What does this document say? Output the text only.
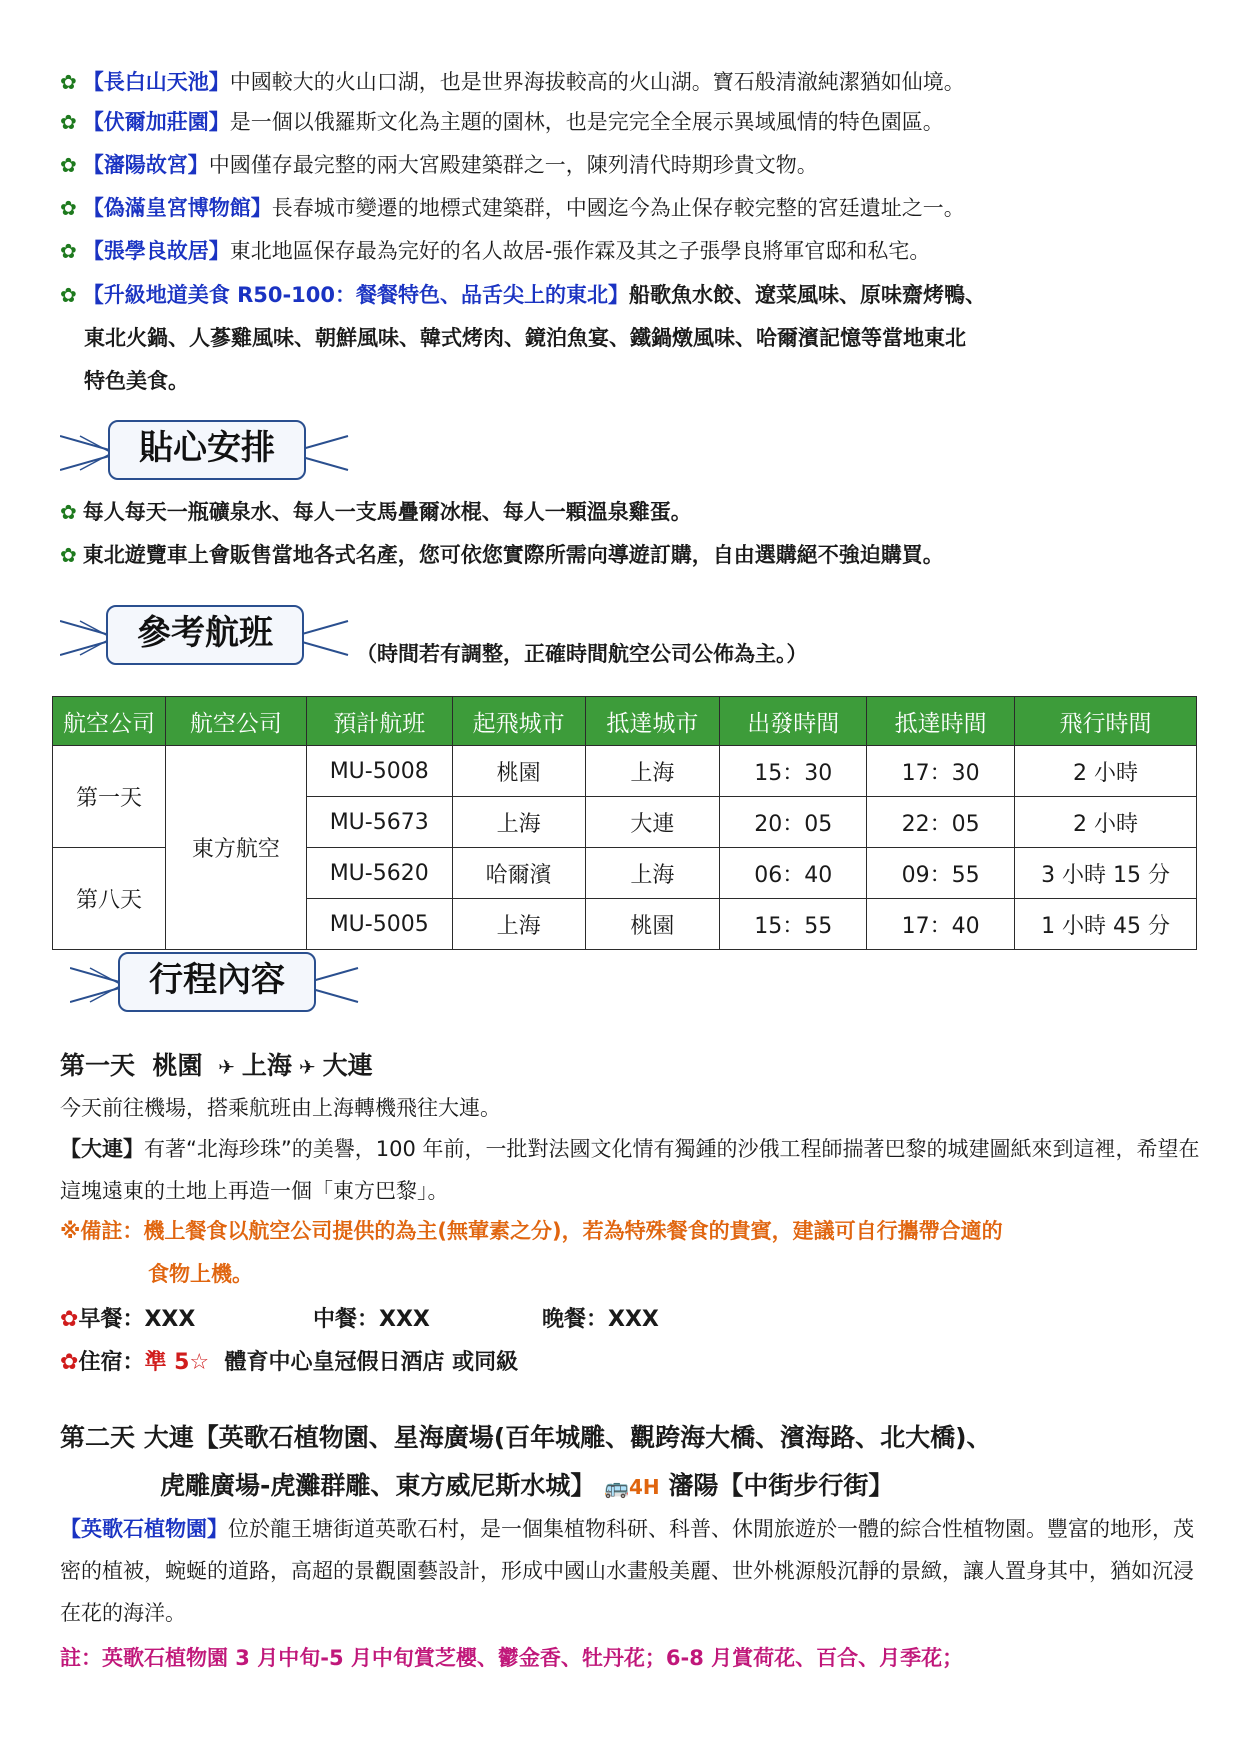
✿ 【長白山天池】中國較大的火山口湖，也是世界海拔較高的火山湖。寶石般清澈純潔猶如仙境。
✿ 【伏爾加莊園】是一個以俄羅斯文化為主題的園林，也是完完全全展示異域風情的特色園區。
✿ 【瀋陽故宮】中國僅存最完整的兩大宮殿建築群之一，陳列清代時期珍貴文物。
✿ 【偽滿皇宮博物館】長春城市變遷的地標式建築群，中國迄今為止保存較完整的宮廷遺址之一。
✿ 【張學良故居】東北地區保存最為完好的名人故居-張作霖及其之子張學良將軍官邸和私宅。
✿ 【升級地道美食 R50-100：餐餐特色、品舌尖上的東北】船歌魚水餃、遼菜風味、原味齋烤鴨、
東北火鍋、人蔘雞風味、朝鮮風味、韓式烤肉、鏡泊魚宴、鐵鍋燉風味、哈爾濱記憶等當地東北
特色美食。
貼心安排
✿ 每人每天一瓶礦泉水、每人一支馬疊爾冰棍、每人一顆溫泉雞蛋。
✿ 東北遊覽車上會販售當地各式名產，您可依您實際所需向導遊訂購，自由選購絕不強迫購買。
參考航班
（時間若有調整，正確時間航空公司公佈為主。）
航空公司	航空公司	預計航班	起飛城市	抵達城市	出發時間	抵達時間	飛行時間
第一天	東方航空	MU-5008	桃園	上海	15：30	17：30	2 小時
		MU-5673	上海	大連	20：05	22：05	2 小時
第八天		MU-5620	哈爾濱	上海	06：40	09：55	3 小時 15 分
		MU-5005	上海	桃園	15：55	17：40	1 小時 45 分
行程內容
第一天 桃園  ✈ 上海 ✈ 大連
今天前往機場，搭乘航班由上海轉機飛往大連。
【大連】有著“北海珍珠”的美譽，100 年前，一批對法國文化情有獨鍾的沙俄工程師揣著巴黎的城建圖紙來到這裡，希望在這塊遠東的土地上再造一個「東方巴黎」。
※備註：機上餐食以航空公司提供的為主(無葷素之分)，若為特殊餐食的貴賓，建議可自行攜帶合適的
食物上機。
✿早餐：XXX	中餐：XXX	晚餐：XXX
✿住宿：準 5☆ 體育中心皇冠假日酒店 或同級
第二天 大連【英歌石植物園、星海廣場(百年城雕、觀跨海大橋、濱海路、北大橋)、
虎雕廣場-虎灘群雕、東方威尼斯水城】 🚌4H 瀋陽【中街步行街】
【英歌石植物園】位於龍王塘街道英歌石村，是一個集植物科研、科普、休閒旅遊於一體的綜合性植物園。豐富的地形，茂密的植被，蜿蜒的道路，高超的景觀園藝設計，形成中國山水畫般美麗、世外桃源般沉靜的景緻，讓人置身其中，猶如沉浸在花的海洋。
註：英歌石植物園 3 月中旬-5 月中旬賞芝櫻、鬱金香、牡丹花；6-8 月賞荷花、百合、月季花；
